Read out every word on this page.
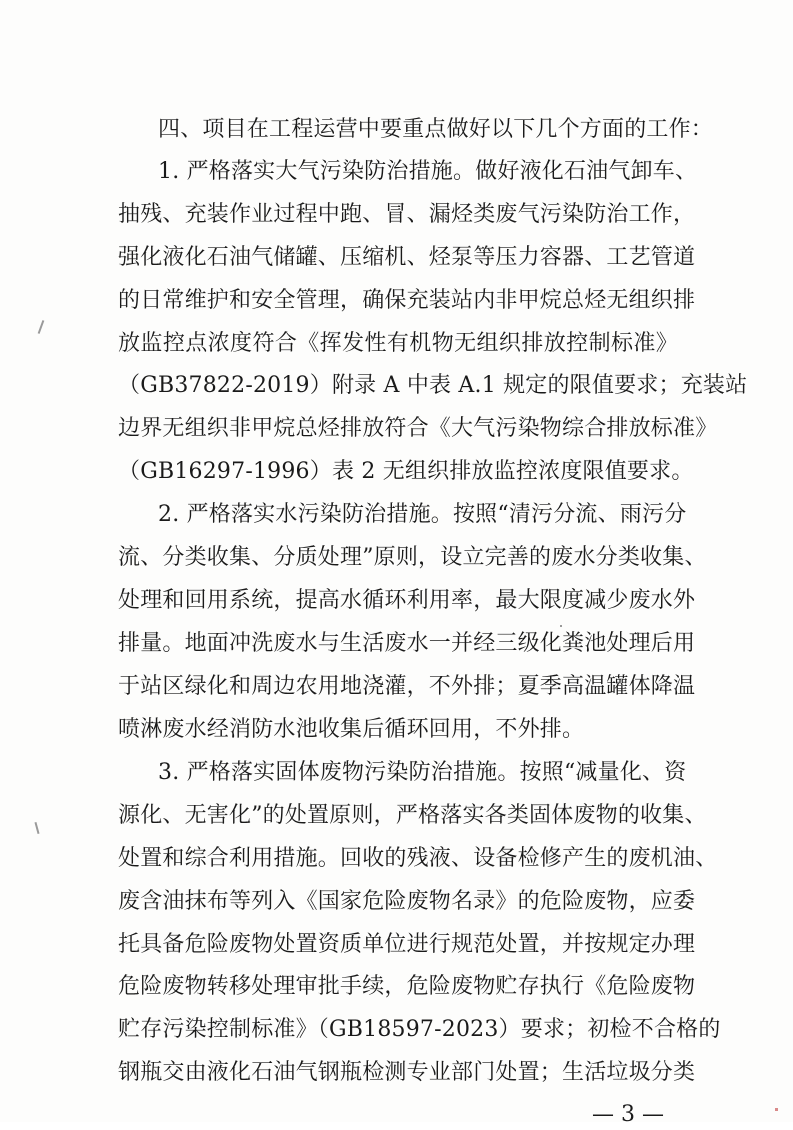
四、项目在工程运营中要重点做好以下几个方面的工作：
1. 严格落实大气污染防治措施。做好液化石油气卸车、
抽残、充装作业过程中跑、冒、漏烃类废气污染防治工作，
强化液化石油气储罐、压缩机、烃泵等压力容器、工艺管道
的日常维护和安全管理，确保充装站内非甲烷总烃无组织排
放监控点浓度符合《挥发性有机物无组织排放控制标准》
（GB37822-2019）附录 A 中表 A.1 规定的限值要求；充装站
边界无组织非甲烷总烃排放符合《大气污染物综合排放标准》
（GB16297-1996）表 2 无组织排放监控浓度限值要求。
2. 严格落实水污染防治措施。按照“清污分流、雨污分
流、分类收集、分质处理”原则，设立完善的废水分类收集、
处理和回用系统，提高水循环利用率，最大限度减少废水外
排量。地面冲洗废水与生活废水一并经三级化粪池处理后用
于站区绿化和周边农用地浇灌，不外排；夏季高温罐体降温
喷淋废水经消防水池收集后循环回用，不外排。
3. 严格落实固体废物污染防治措施。按照“减量化、资
源化、无害化”的处置原则，严格落实各类固体废物的收集、
处置和综合利用措施。回收的残液、设备检修产生的废机油、
废含油抹布等列入《国家危险废物名录》的危险废物，应委
托具备危险废物处置资质单位进行规范处置，并按规定办理
危险废物转移处理审批手续，危险废物贮存执行《危险废物
贮存污染控制标准》（GB18597-2023）要求；初检不合格的
钢瓶交由液化石油气钢瓶检测专业部门处置；生活垃圾分类
— 3 —
